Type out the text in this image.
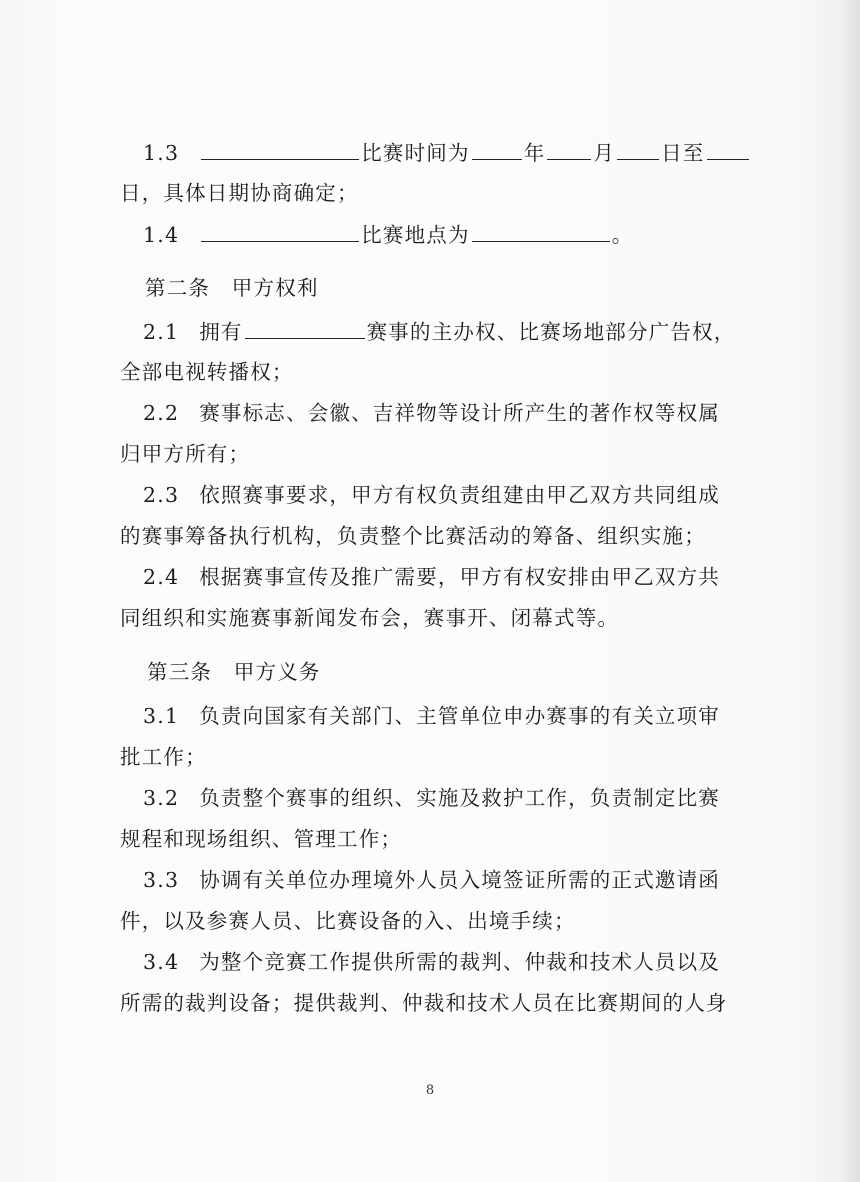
1.3	比赛时间为	年 月 日至
日，具体日期协商确定；
1.4	比赛地点为	。
第二条　甲方权利
2.1 拥有	赛事的主办权、比赛场地部分广告权，
全部电视转播权；
2.2 赛事标志、会徽、吉祥物等设计所产生的著作权等权属
归甲方所有；
2.3 依照赛事要求，甲方有权负责组建由甲乙双方共同组成
的赛事筹备执行机构，负责整个比赛活动的筹备、组织实施；
2.4 根据赛事宣传及推广需要，甲方有权安排由甲乙双方共
同组织和实施赛事新闻发布会，赛事开、闭幕式等。
第三条　甲方义务
3.1 负责向国家有关部门、主管单位申办赛事的有关立项审
批工作；
3.2 负责整个赛事的组织、实施及救护工作，负责制定比赛
规程和现场组织、管理工作；
3.3 协调有关单位办理境外人员入境签证所需的正式邀请函
件，以及参赛人员、比赛设备的入、出境手续；
3.4 为整个竞赛工作提供所需的裁判、仲裁和技术人员以及
所需的裁判设备；提供裁判、仲裁和技术人员在比赛期间的人身
8
